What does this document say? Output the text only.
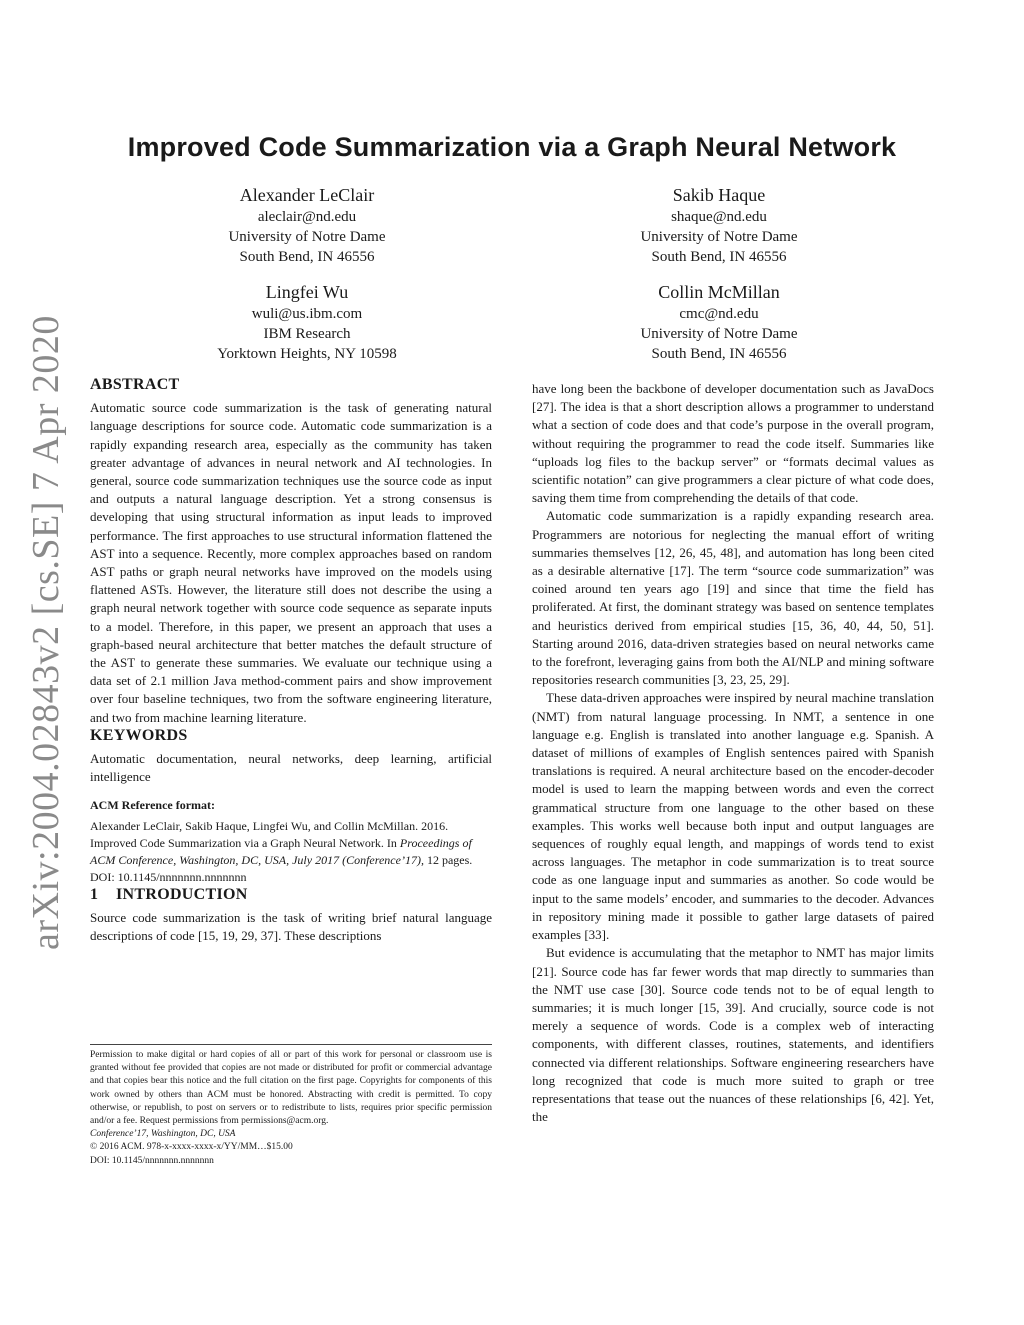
arXiv:2004.02843v2 [cs.SE] 7 Apr 2020
Improved Code Summarization via a Graph Neural Network
Alexander LeClair
aleclair@nd.edu
University of Notre Dame
South Bend, IN 46556
Sakib Haque
shaque@nd.edu
University of Notre Dame
South Bend, IN 46556
Lingfei Wu
wuli@us.ibm.com
IBM Research
Yorktown Heights, NY 10598
Collin McMillan
cmc@nd.edu
University of Notre Dame
South Bend, IN 46556
ABSTRACT

Automatic source code summarization is the task of generating natural language descriptions for source code. Automatic code summarization is a rapidly expanding research area, especially as the community has taken greater advantage of advances in neural network and AI technologies. In general, source code summarization techniques use the source code as input and outputs a natural language description. Yet a strong consensus is developing that using structural information as input leads to improved performance. The first approaches to use structural information flattened the AST into a sequence. Recently, more complex approaches based on random AST paths or graph neural networks have improved on the models using flattened ASTs. However, the literature still does not describe the using a graph neural network together with source code sequence as separate inputs to a model. Therefore, in this paper, we present an approach that uses a graph-based neural architecture that better matches the default structure of the AST to generate these summaries. We evaluate our technique using a data set of 2.1 million Java method-comment pairs and show improvement over four baseline techniques, two from the software engineering literature, and two from machine learning literature.

KEYWORDS

Automatic documentation, neural networks, deep learning, artificial intelligence

ACM Reference format:

Alexander LeClair, Sakib Haque, Lingfei Wu, and Collin McMillan. 2016. Improved Code Summarization via a Graph Neural Network. In Proceedings of ACM Conference, Washington, DC, USA, July 2017 (Conference’17), 12 pages.

DOI: 10.1145/nnnnnnn.nnnnnnn

1 INTRODUCTION

Source code summarization is the task of writing brief natural language descriptions of code [15, 19, 29, 37]. These descriptions

Permission to make digital or hard copies of all or part of this work for personal or classroom use is granted without fee provided that copies are not made or distributed for profit or commercial advantage and that copies bear this notice and the full citation on the first page. Copyrights for components of this work owned by others than ACM must be honored. Abstracting with credit is permitted. To copy otherwise, or republish, to post on servers or to redistribute to lists, requires prior specific permission and/or a fee. Request permissions from permissions@acm.org.

Conference’17, Washington, DC, USA

© 2016 ACM. 978-x-xxxx-xxxx-x/YY/MM…$15.00

DOI: 10.1145/nnnnnnn.nnnnnnn

have long been the backbone of developer documentation such as JavaDocs [27]. The idea is that a short description allows a programmer to understand what a section of code does and that code’s purpose in the overall program, without requiring the programmer to read the code itself. Summaries like “uploads log files to the backup server” or “formats decimal values as scientific notation” can give programmers a clear picture of what code does, saving them time from comprehending the details of that code.

Automatic code summarization is a rapidly expanding research area. Programmers are notorious for neglecting the manual effort of writing summaries themselves [12, 26, 45, 48], and automation has long been cited as a desirable alternative [17]. The term “source code summarization” was coined around ten years ago [19] and since that time the field has proliferated. At first, the dominant strategy was based on sentence templates and heuristics derived from empirical studies [15, 36, 40, 44, 50, 51]. Starting around 2016, data-driven strategies based on neural networks came to the forefront, leveraging gains from both the AI/NLP and mining software repositories research communities [3, 23, 25, 29].

These data-driven approaches were inspired by neural machine translation (NMT) from natural language processing. In NMT, a sentence in one language e.g. English is translated into another language e.g. Spanish. A dataset of millions of examples of English sentences paired with Spanish translations is required. A neural architecture based on the encoder-decoder model is used to learn the mapping between words and even the correct grammatical structure from one language to the other based on these examples. This works well because both input and output languages are sequences of roughly equal length, and mappings of words tend to exist across languages. The metaphor in code summarization is to treat source code as one language input and summaries as another. So code would be input to the same models’ encoder, and summaries to the decoder. Advances in repository mining made it possible to gather large datasets of paired examples [33].

But evidence is accumulating that the metaphor to NMT has major limits [21]. Source code has far fewer words that map directly to summaries than the NMT use case [30]. Source code tends not to be of equal length to summaries; it is much longer [15, 39]. And crucially, source code is not merely a sequence of words. Code is a complex web of interacting components, with different classes, routines, statements, and identifiers connected via different relationships. Software engineering researchers have long recognized that code is much more suited to graph or tree representations that tease out the nuances of these relationships [6, 42]. Yet, the
